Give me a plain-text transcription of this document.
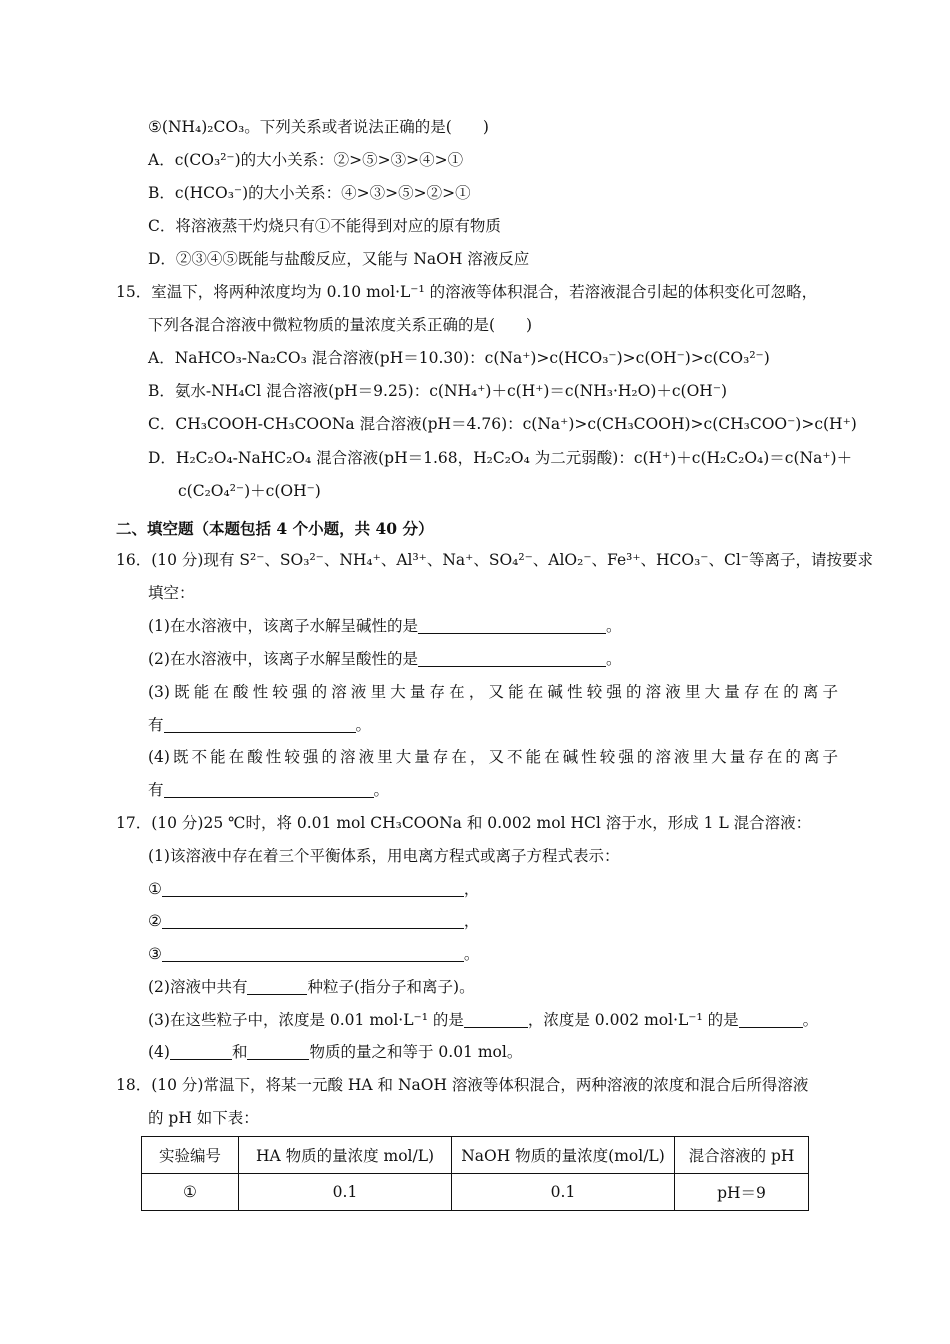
⑤(NH₄)₂CO₃。下列关系或者说法正确的是(　　)
A．c(CO₃²⁻)的大小关系：②>⑤>③>④>①
B．c(HCO₃⁻)的大小关系：④>③>⑤>②>①
C．将溶液蒸干灼烧只有①不能得到对应的原有物质
D．②③④⑤既能与盐酸反应，又能与 NaOH 溶液反应
15．室温下，将两种浓度均为 0.10 mol·L⁻¹ 的溶液等体积混合，若溶液混合引起的体积变化可忽略，
下列各混合溶液中微粒物质的量浓度关系正确的是(　　)
A．NaHCO₃-Na₂CO₃ 混合溶液(pH＝10.30)：c(Na⁺)>c(HCO₃⁻)>c(OH⁻)>c(CO₃²⁻)
B．氨水-NH₄Cl 混合溶液(pH＝9.25)：c(NH₄⁺)＋c(H⁺)＝c(NH₃·H₂O)＋c(OH⁻)
C．CH₃COOH-CH₃COONa 混合溶液(pH＝4.76)：c(Na⁺)>c(CH₃COOH)>c(CH₃COO⁻)>c(H⁺)
D．H₂C₂O₄-NaHC₂O₄ 混合溶液(pH＝1.68，H₂C₂O₄ 为二元弱酸)：c(H⁺)＋c(H₂C₂O₄)＝c(Na⁺)＋
c(C₂O₄²⁻)＋c(OH⁻)
二、填空题（本题包括 4 个小题，共 40 分）
16．(10 分)现有 S²⁻、SO₃²⁻、NH₄⁺、Al³⁺、Na⁺、SO₄²⁻、AlO₂⁻、Fe³⁺、HCO₃⁻、Cl⁻等离子，请按要求
填空：
(1)在水溶液中，该离子水解呈碱性的是	。
(2)在水溶液中，该离子水解呈酸性的是	。
(3)既能在酸性较强的溶液里大量存在，又能在碱性较强的溶液里大量存在的离子
有	。
(4)既不能在酸性较强的溶液里大量存在，又不能在碱性较强的溶液里大量存在的离子
有	。
17．(10 分)25 ℃时，将 0.01 mol CH₃COONa 和 0.002 mol HCl 溶于水，形成 1 L 混合溶液：
(1)该溶液中存在着三个平衡体系，用电离方程式或离子方程式表示：
①	，
②	，
③	。
(2)溶液中共有	种粒子(指分子和离子)。
(3)在这些粒子中，浓度是 0.01 mol·L⁻¹ 的是	，浓度是 0.002 mol·L⁻¹ 的是	。
(4)	和	物质的量之和等于 0.01 mol。
18．(10 分)常温下，将某一元酸 HA 和 NaOH 溶液等体积混合，两种溶液的浓度和混合后所得溶液
的 pH 如下表：
实验编号	HA 物质的量浓度 mol/L)	NaOH 物质的量浓度(mol/L)	混合溶液的 pH
①	0.1	0.1	pH＝9
